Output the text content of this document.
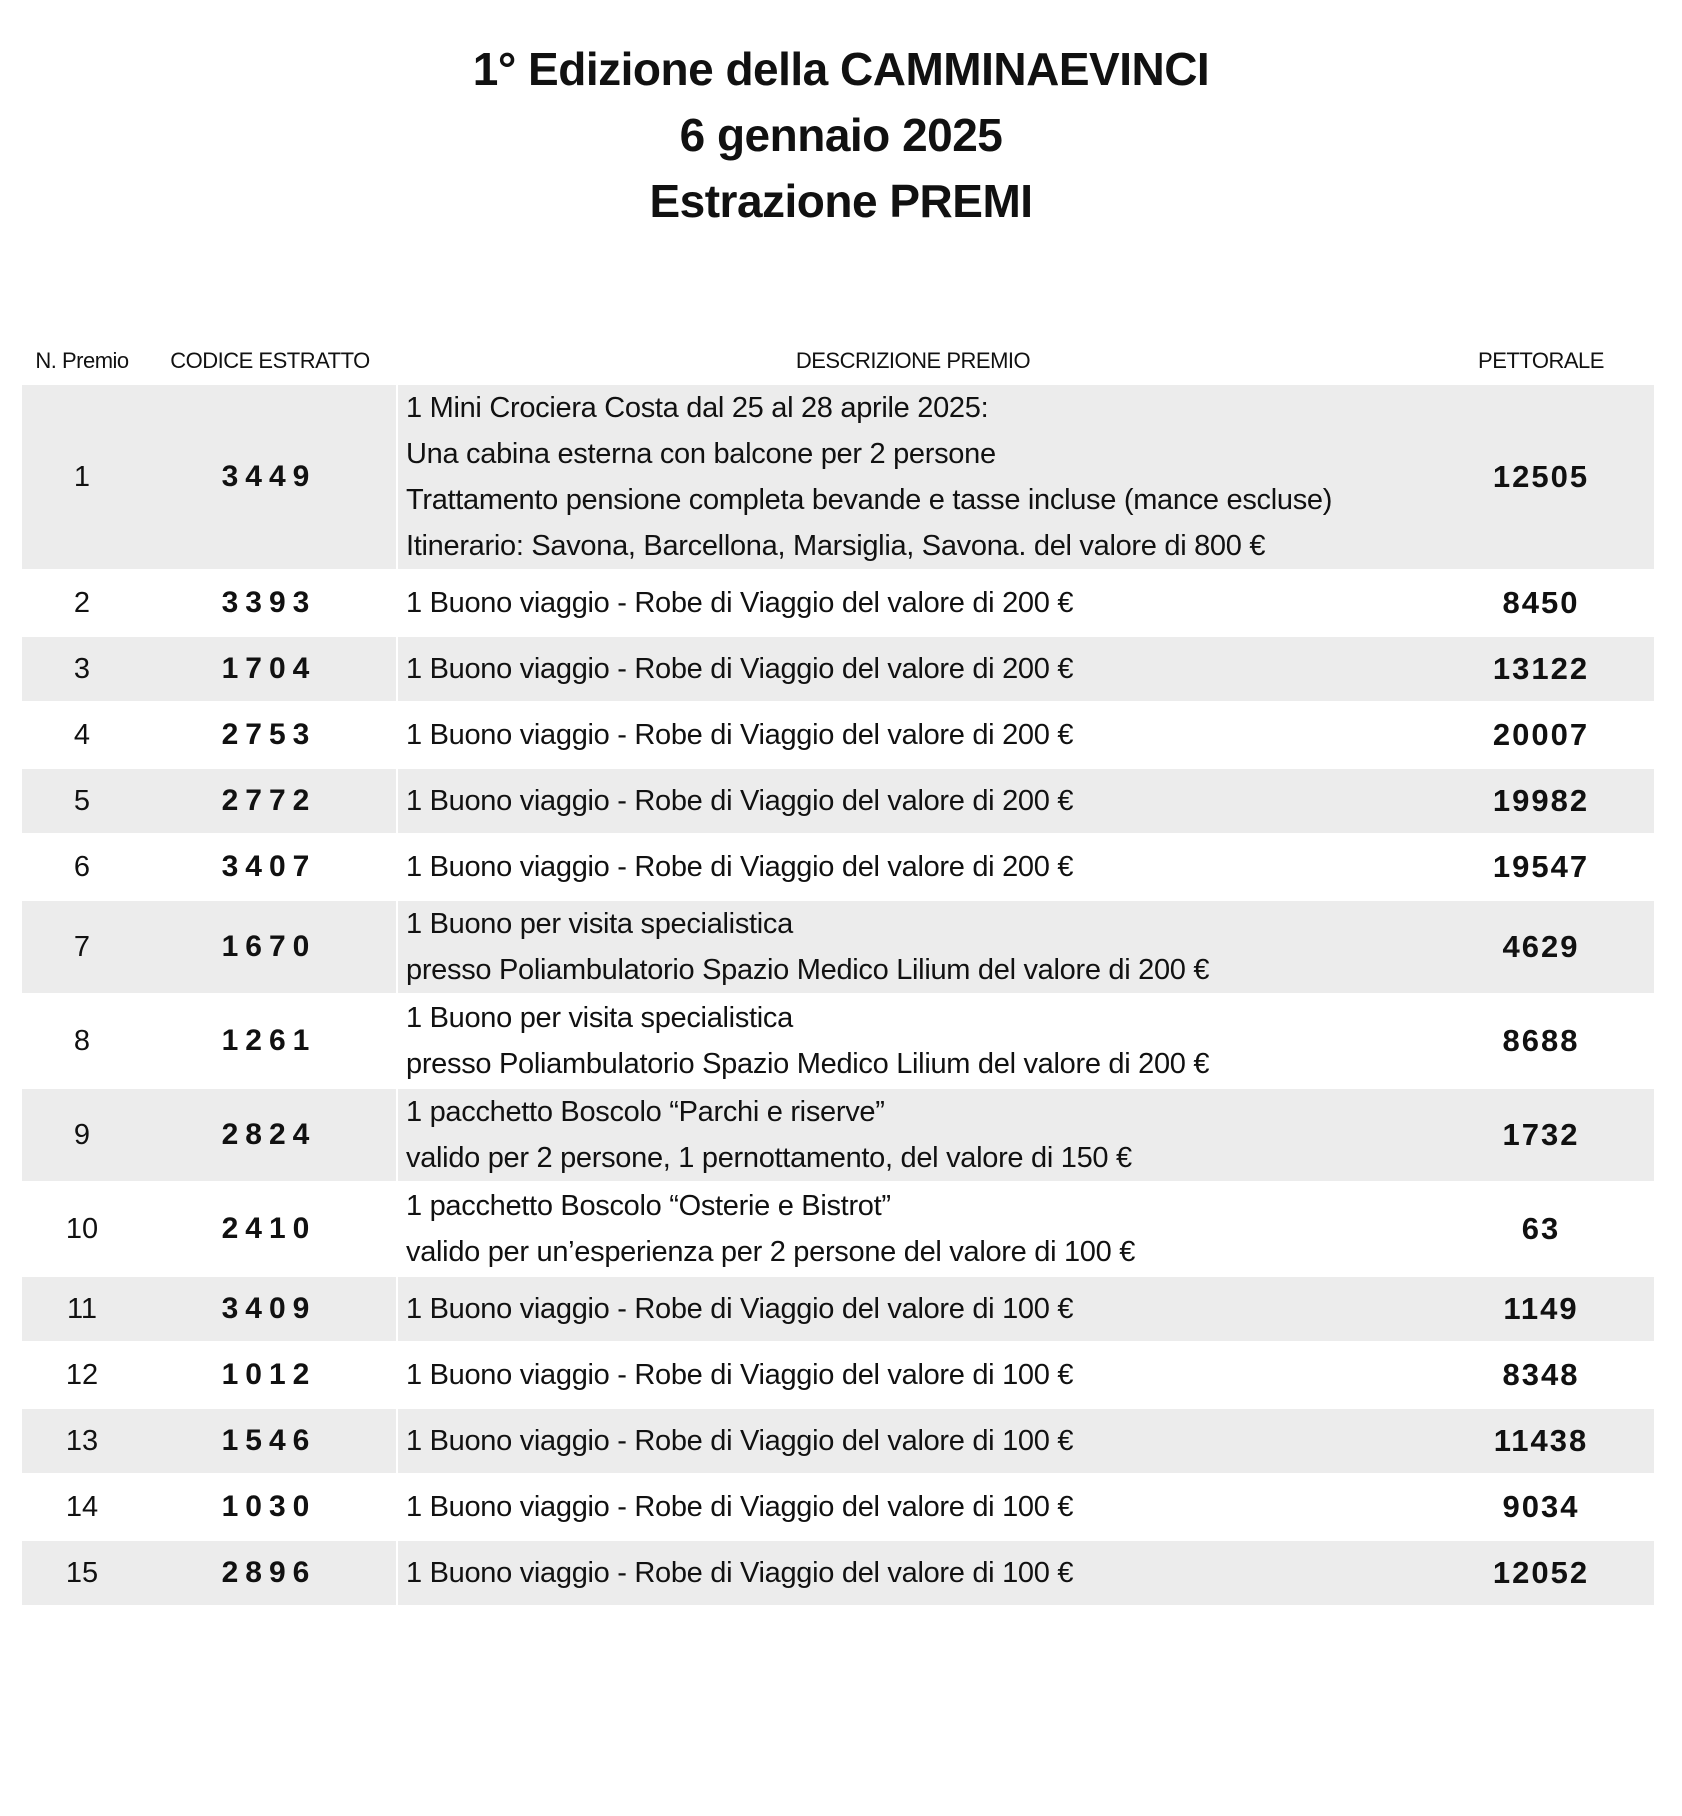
1° Edizione della CAMMINAEVINCI
6 gennaio 2025
Estrazione PREMI
N. Premio	CODICE ESTRATTO	DESCRIZIONE PREMIO	PETTORALE
1	3449	1 Mini Crociera Costa dal 25 al 28 aprile 2025:
Una cabina esterna con balcone per 2 persone
Trattamento pensione completa bevande e tasse incluse (mance escluse)
Itinerario: Savona, Barcellona, Marsiglia, Savona. del valore di 800 €	12505
2	3393	1 Buono viaggio - Robe di Viaggio del valore di 200 €	8450
3	1704	1 Buono viaggio - Robe di Viaggio del valore di 200 €	13122
4	2753	1 Buono viaggio - Robe di Viaggio del valore di 200 €	20007
5	2772	1 Buono viaggio - Robe di Viaggio del valore di 200 €	19982
6	3407	1 Buono viaggio - Robe di Viaggio del valore di 200 €	19547
7	1670	1 Buono per visita specialistica
presso Poliambulatorio Spazio Medico Lilium del valore di 200 €	4629
8	1261	1 Buono per visita specialistica
presso Poliambulatorio Spazio Medico Lilium del valore di 200 €	8688
9	2824	1 pacchetto Boscolo “Parchi e riserve”
valido per 2 persone, 1 pernottamento, del valore di 150 €	1732
10	2410	1 pacchetto Boscolo “Osterie e Bistrot”
valido per un’esperienza per 2 persone del valore di 100 €	63
11	3409	1 Buono viaggio - Robe di Viaggio del valore di 100 €	1149
12	1012	1 Buono viaggio - Robe di Viaggio del valore di 100 €	8348
13	1546	1 Buono viaggio - Robe di Viaggio del valore di 100 €	11438
14	1030	1 Buono viaggio - Robe di Viaggio del valore di 100 €	9034
15	2896	1 Buono viaggio - Robe di Viaggio del valore di 100 €	12052
